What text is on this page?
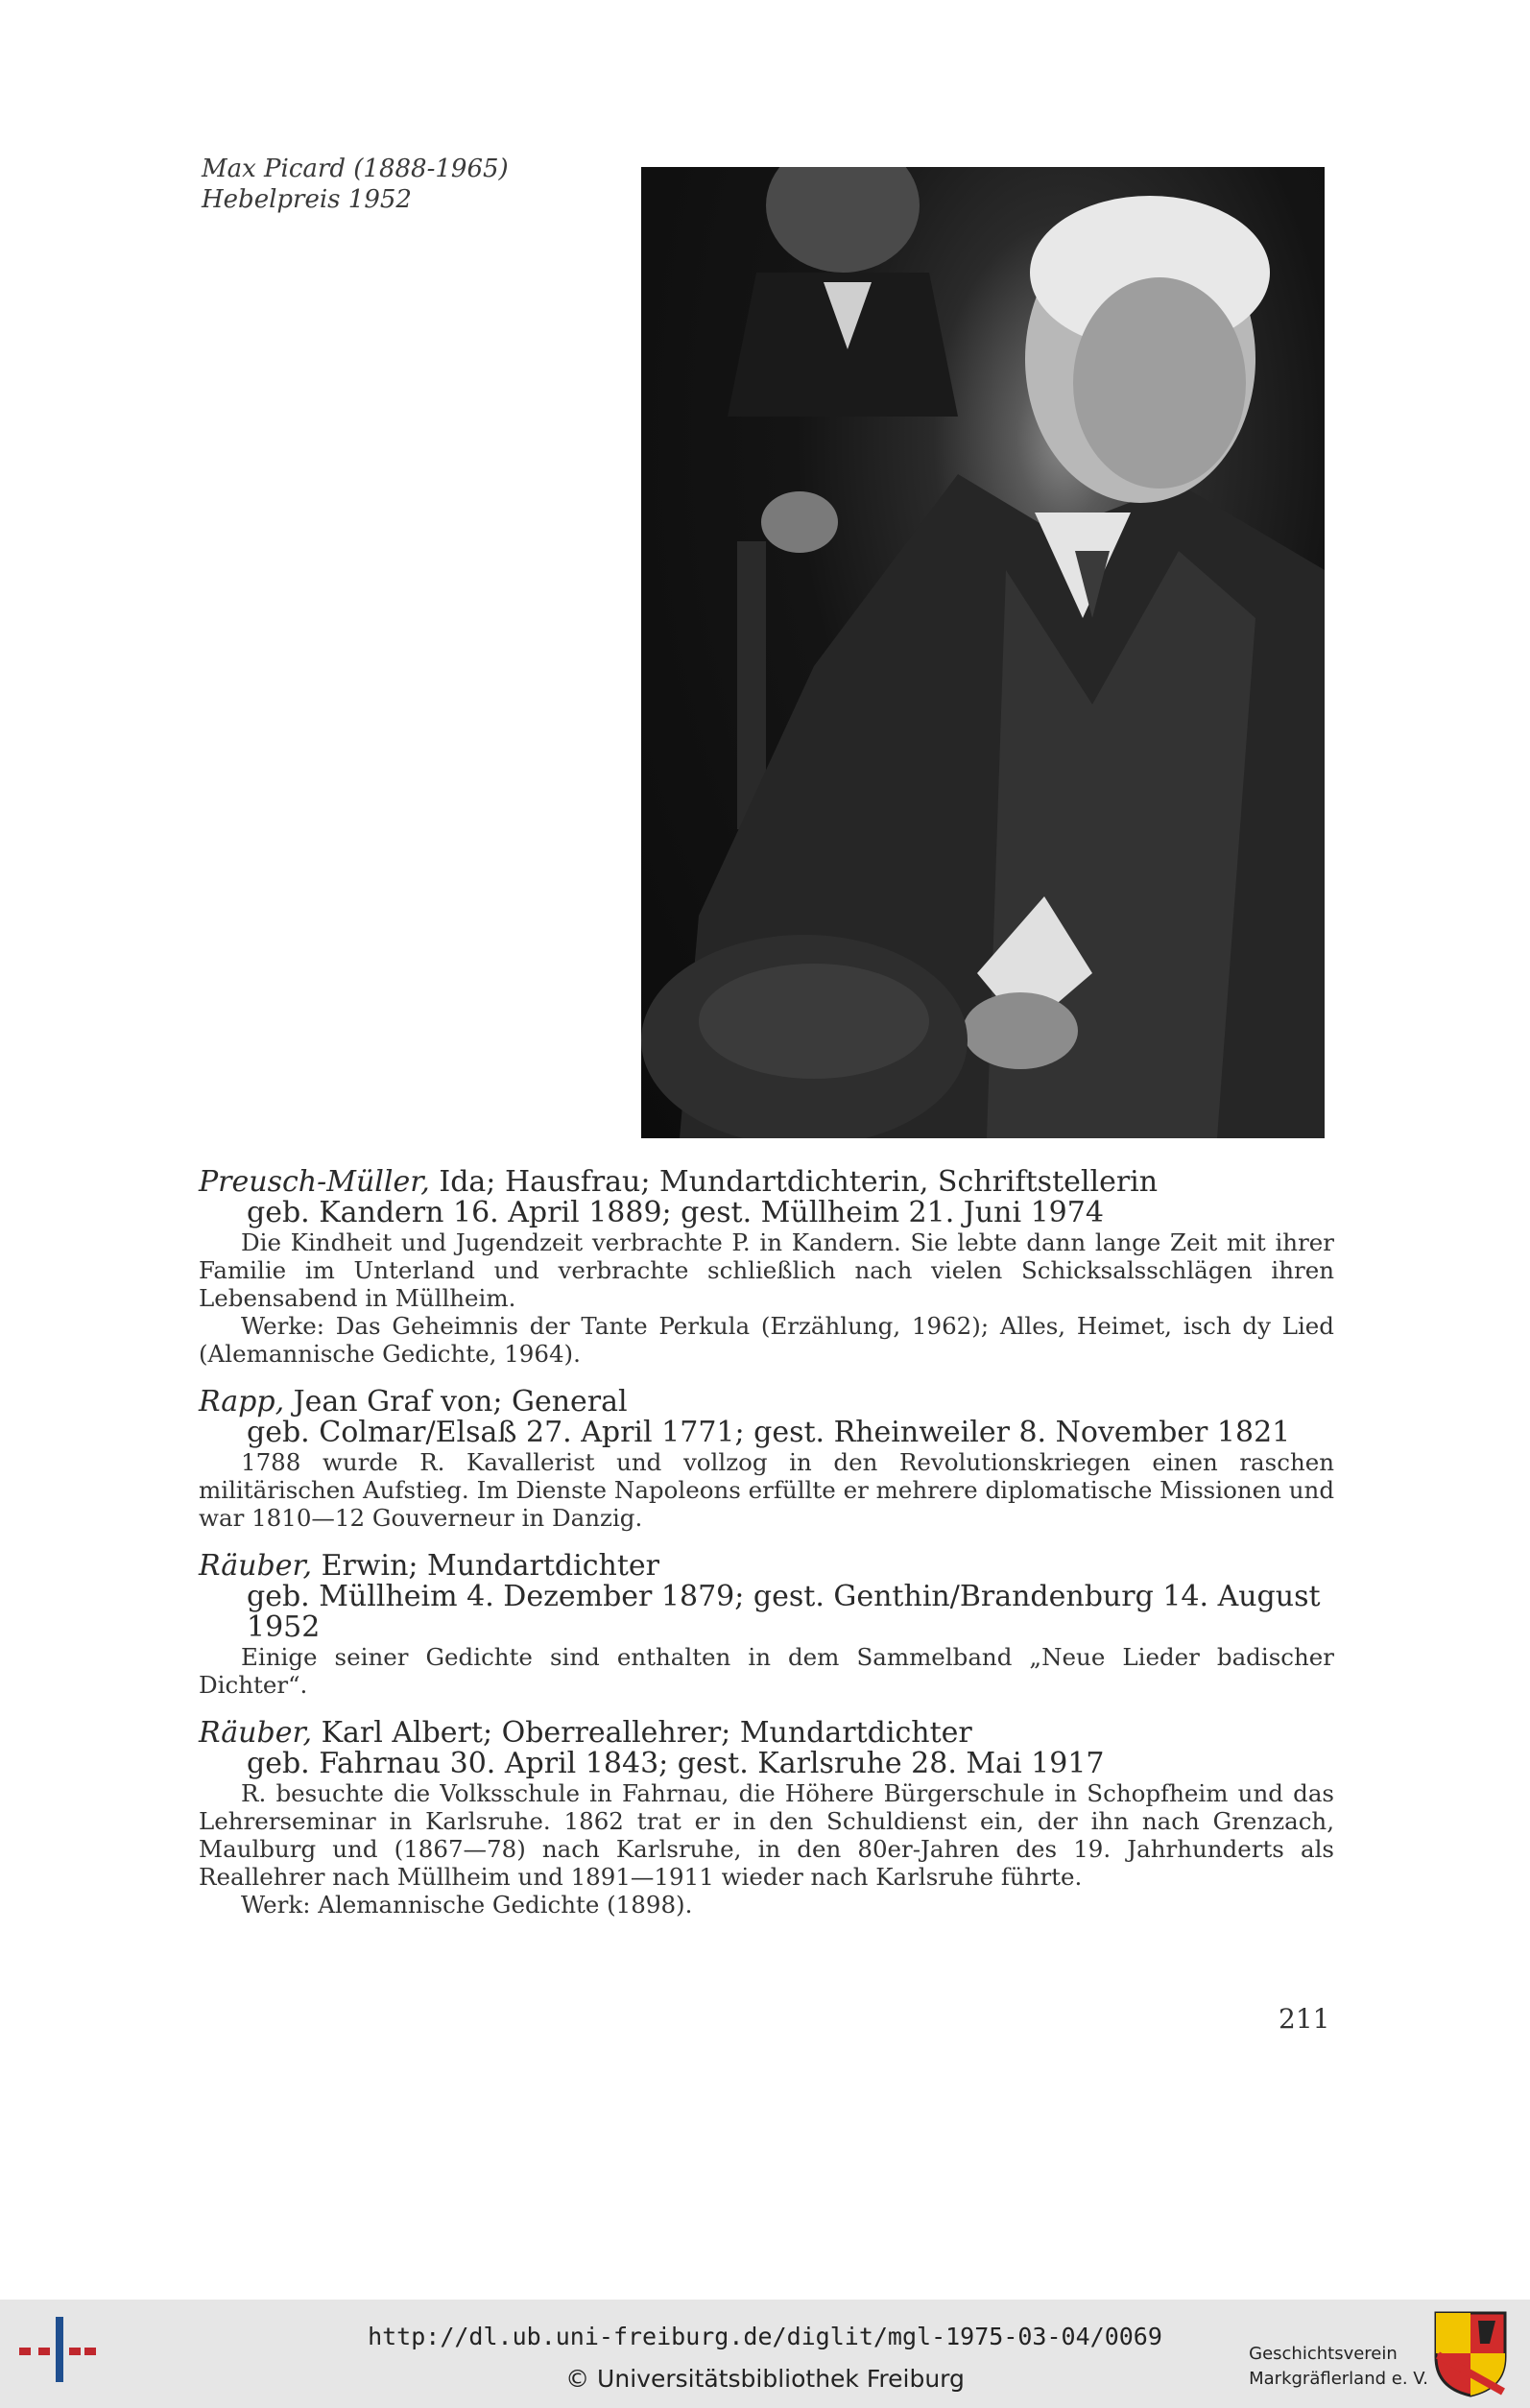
Max Picard (1888-1965)
Hebelpreis 1952
Preusch-Müller, Ida; Hausfrau; Mundartdichterin, Schriftstellerin
geb. Kandern 16. April 1889; gest. Müllheim 21. Juni 1974
Die Kindheit und Jugendzeit verbrachte P. in Kandern. Sie lebte dann lange Zeit mit ihrer Familie im Unterland und verbrachte schließlich nach vielen Schicksalsschlägen ihren Lebensabend in Müllheim.
Werke: Das Geheimnis der Tante Perkula (Erzählung, 1962); Alles, Heimet, isch dy Lied (Alemannische Gedichte, 1964).
Rapp, Jean Graf von; General
geb. Colmar/Elsaß 27. April 1771; gest. Rheinweiler 8. November 1821
1788 wurde R. Kavallerist und vollzog in den Revolutionskriegen einen raschen militärischen Aufstieg. Im Dienste Napoleons erfüllte er mehrere diplomatische Missionen und war 1810—12 Gouverneur in Danzig.
Räuber, Erwin; Mundartdichter
geb. Müllheim 4. Dezember 1879; gest. Genthin/Brandenburg 14. August 1952
Einige seiner Gedichte sind enthalten in dem Sammelband „Neue Lieder badischer Dichter“.
Räuber, Karl Albert; Oberreallehrer; Mundartdichter
geb. Fahrnau 30. April 1843; gest. Karlsruhe 28. Mai 1917
R. besuchte die Volksschule in Fahrnau, die Höhere Bürgerschule in Schopfheim und das Lehrerseminar in Karlsruhe. 1862 trat er in den Schuldienst ein, der ihn nach Grenzach, Maulburg und (1867—78) nach Karlsruhe, in den 80er-Jahren des 19. Jahrhunderts als Reallehrer nach Müllheim und 1891—1911 wieder nach Karlsruhe führte.
Werk: Alemannische Gedichte (1898).
211
http://dl.ub.uni-freiburg.de/diglit/mgl-1975-03-04/0069
© Universitätsbibliothek Freiburg
Geschichtsverein
Markgräflerland e. V.
